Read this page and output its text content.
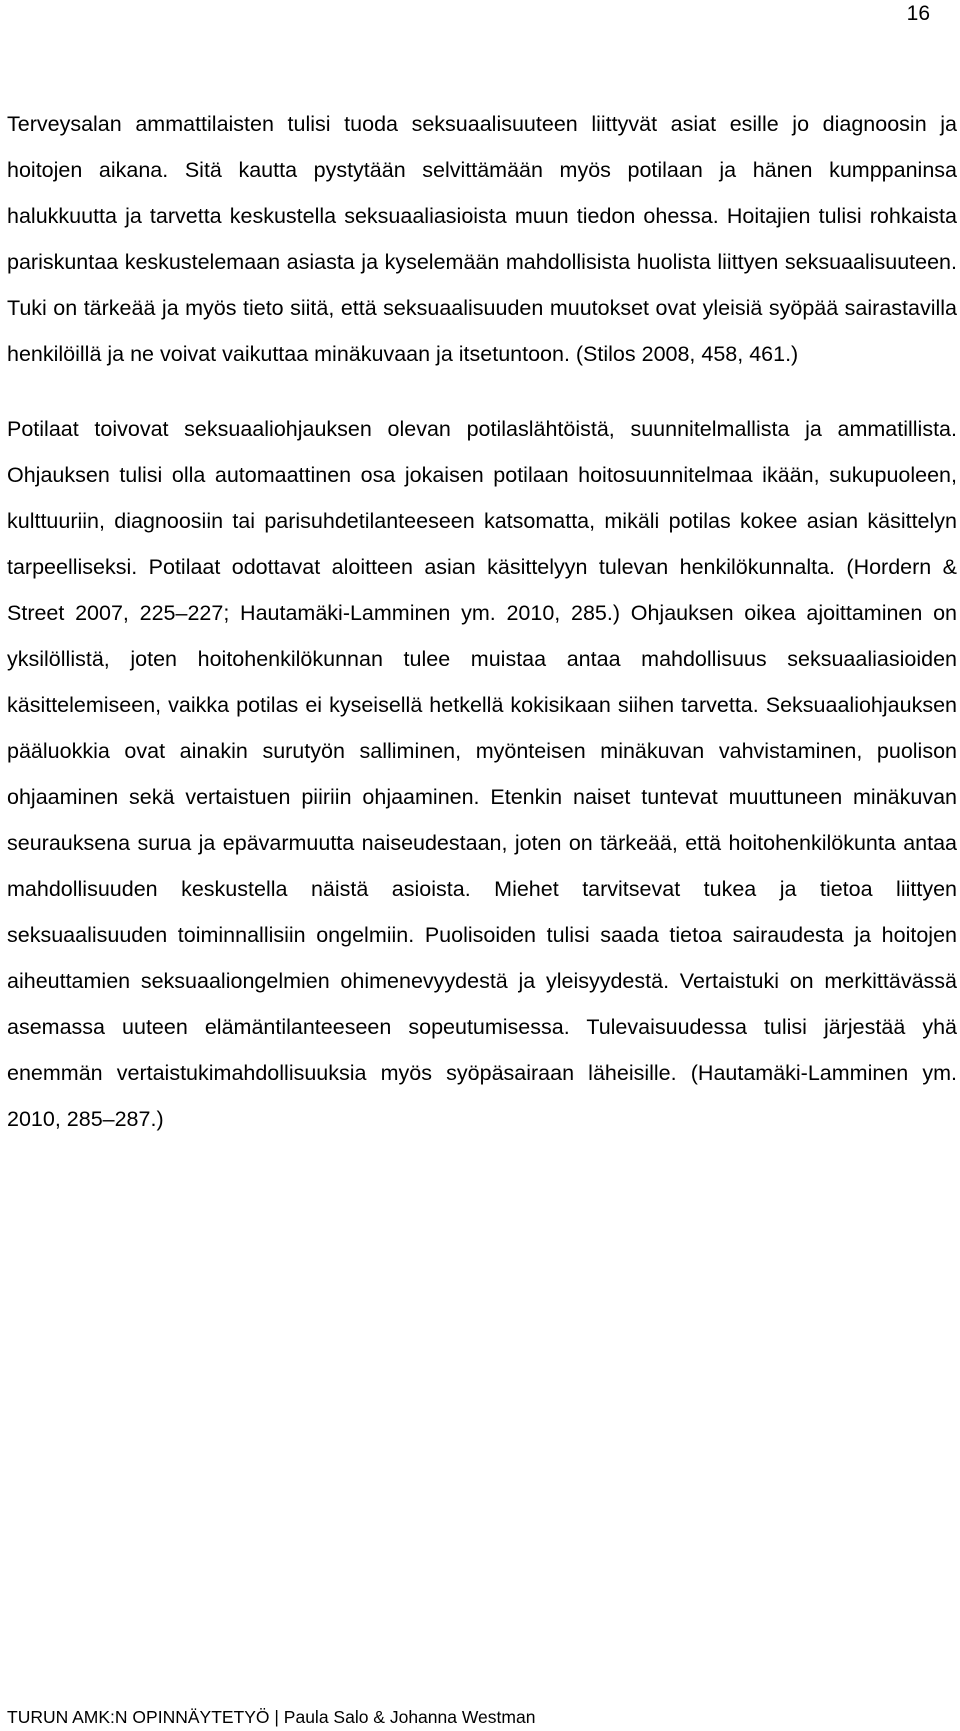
16

Terveysalan ammattilaisten tulisi tuoda seksuaalisuuteen liittyvät asiat esille jo diagnoosin ja hoitojen aikana. Sitä kautta pystytään selvittämään myös potilaan ja hänen kumppaninsa halukkuutta ja tarvetta keskustella seksuaaliasioista muun tiedon ohessa. Hoitajien tulisi rohkaista pariskuntaa keskustelemaan asiasta ja kyselemään mahdollisista huolista liittyen seksuaalisuuteen. Tuki on tärkeää ja myös tieto siitä, että seksuaalisuuden muutokset ovat yleisiä syöpää sairastavilla henkilöillä ja ne voivat vaikuttaa minäkuvaan ja itsetuntoon. (Stilos 2008, 458, 461.)

Potilaat toivovat seksuaaliohjauksen olevan potilaslähtöistä, suunnitelmallista ja ammatillista. Ohjauksen tulisi olla automaattinen osa jokaisen potilaan hoitosuunnitelmaa ikään, sukupuoleen, kulttuuriin, diagnoosiin tai parisuhdetilanteeseen katsomatta, mikäli potilas kokee asian käsittelyn tarpeelliseksi. Potilaat odottavat aloitteen asian käsittelyyn tulevan henkilökunnalta. (Hordern & Street 2007, 225–227; Hautamäki-Lamminen ym. 2010, 285.) Ohjauksen oikea ajoittaminen on yksilöllistä, joten hoitohenkilökunnan tulee muistaa antaa mahdollisuus seksuaaliasioiden käsittelemiseen, vaikka potilas ei kyseisellä hetkellä kokisikaan siihen tarvetta. Seksuaaliohjauksen pääluokkia ovat ainakin surutyön salliminen, myönteisen minäkuvan vahvistaminen, puolison ohjaaminen sekä vertaistuen piiriin ohjaaminen. Etenkin naiset tuntevat muuttuneen minäkuvan seurauksena surua ja epävarmuutta naiseudestaan, joten on tärkeää, että hoitohenkilökunta antaa mahdollisuuden keskustella näistä asioista. Miehet tarvitsevat tukea ja tietoa liittyen seksuaalisuuden toiminnallisiin ongelmiin. Puolisoiden tulisi saada tietoa sairaudesta ja hoitojen aiheuttamien seksuaaliongelmien ohimenevyydestä ja yleisyydestä. Vertaistuki on merkittävässä asemassa uuteen elämäntilanteeseen sopeutumisessa. Tulevaisuudessa tulisi järjestää yhä enemmän vertaistukimahdollisuuksia myös syöpäsairaan läheisille. (Hautamäki-Lamminen ym. 2010, 285–287.)

TURUN AMK:N OPINNÄYTETYÖ | Paula Salo & Johanna Westman
